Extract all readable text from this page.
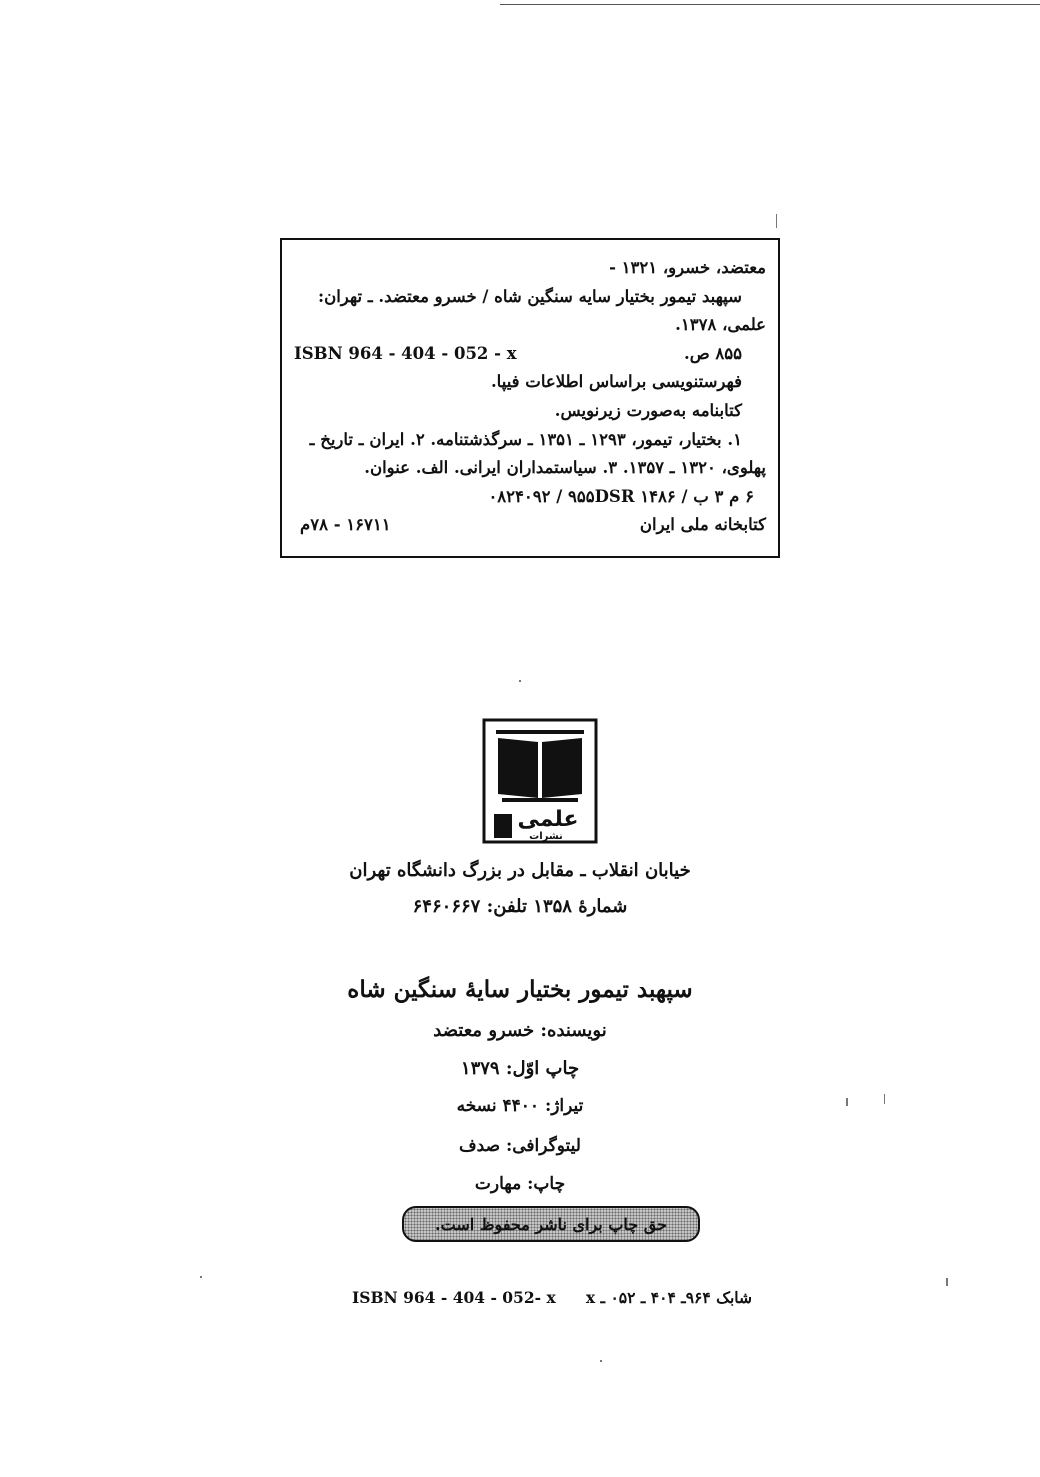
معتضد، خسرو، ۱۳۲۱ -
سپهبد تیمور بختیار سایه سنگین شاه / خسرو معتضد. ـ تهران:
علمی، ۱۳۷۸.
۸۵۵ ص.
ISBN 964 - 404 - 052 - x
فهرستنویسی براساس اطلاعات فیپا.
کتابنامه به‌صورت زیرنویس.
۱. بختیار، تیمور، ۱۲۹۳ ـ ۱۳۵۱ ـ سرگذشتنامه. ۲. ایران ـ تاریخ ـ
پهلوی، ۱۳۲۰ ـ ۱۳۵۷. ۳. سیاستمداران ایرانی. الف. عنوان.
۶ م ۳ ب / DSR ۱۴۸۶
۹۵۵ / ۰۸۲۴۰۹۲
کتابخانه ملی ایران
۱۶۷۱۱ - ۷۸م
علمی
نشرات
خیابان انقلاب ـ مقابل در بزرگ دانشگاه تهران
شمارهٔ ۱۳۵۸ تلفن: ۶۴۶۰۶۶۷
سپهبد تیمور بختیار سایهٔ سنگین شاه
نویسنده: خسرو معتضد
چاپ اوّل: ۱۳۷۹
تیراژ: ۴۴۰۰ نسخه
لیتوگرافی: صدف
چاپ: مهارت
حق چاپ برای ناشر محفوظ است.
ISBN 964 - 404 - 052- x شابک ۹۶۴ـ ۴۰۴ ـ ۰۵۲ ـ x
